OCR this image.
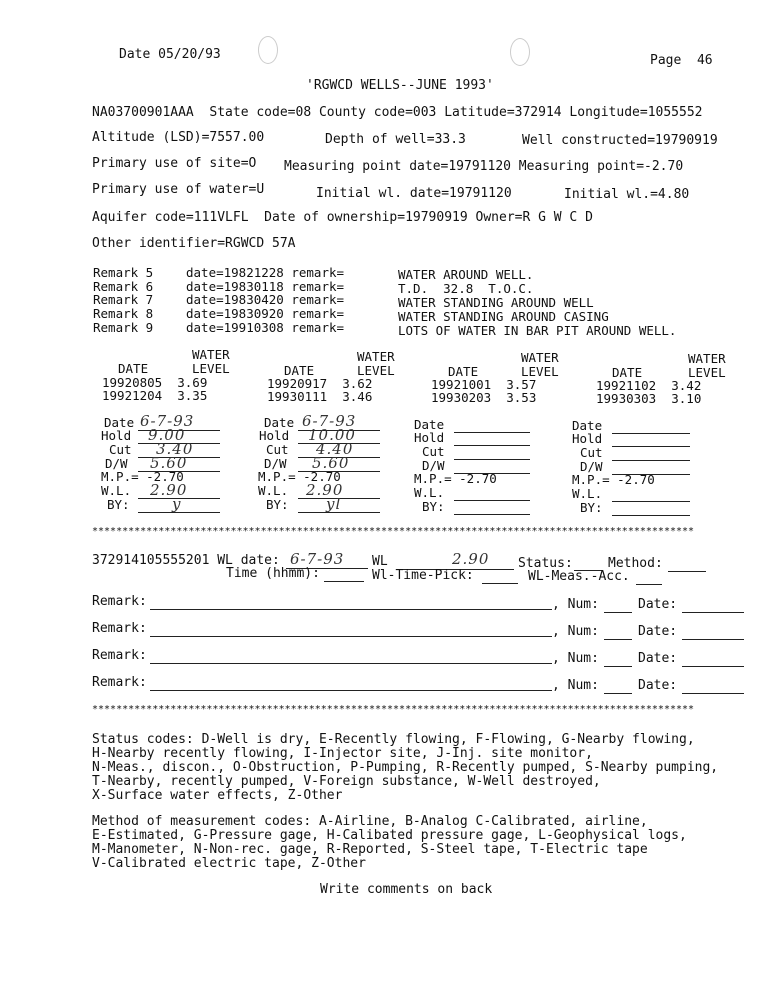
Date 05/20/93	Page  46
'RGWCD WELLS--JUNE 1993'
NA03700901AAA  State code=08 County code=003 Latitude=372914 Longitude=1055552
Altitude (LSD)=7557.00	Depth of well=33.3	Well constructed=19790919
Primary use of site=O Measuring point date=19791120 Measuring point=-2.70
Primary use of water=U	Initial wl. date=19791120	Initial wl.=4.80
Aquifer code=111VLFL  Date of ownership=19790919 Owner=R G W C D
Other identifier=RGWCD 57A
Remark 5	date=19821228 remark=	WATER AROUND WELL.
Remark 6	date=19830118 remark=	T.D.  32.8  T.O.C.
Remark 7	date=19830420 remark=	WATER STANDING AROUND WELL
Remark 8	date=19830920 remark=	WATER STANDING AROUND CASING
Remark 9	date=19910308 remark=	LOTS OF WATER IN BAR PIT AROUND WELL.
WATER
DATE	LEVEL
19920805  3.69
19921204  3.35
WATER
DATE	LEVEL
19920917  3.62
19930111  3.46
WATER
DATE	LEVEL
19921001  3.57
19930203  3.53
WATER
DATE	LEVEL
19921102  3.42
19930303  3.10
Date 6-7-93
Hold 9.00
Cut 3.40
D/W 5.60
M.P.= -2.70
W.L. 2.90
BY:	y
Date 6-7-93
Hold 10.00
Cut 4.40
D/W 5.60
M.P.= -2.70
W.L. 2.90
BY: yl
Date
Hold
Cut
D/W
M.P.= -2.70
W.L.
BY:
Date
Hold
Cut
D/W
M.P.= -2.70
W.L.
BY:
****************************************************************************************************
372914105555201 WL date: 6-7-93 WL	2.90 Status:	Method:
Time (hhmm):	Wl-Time-Pick:	WL-Meas.-Acc.
Remark:	, Num:	Date:
Remark:	, Num:	Date:
Remark:	, Num:	Date:
Remark:	, Num:	Date:
****************************************************************************************************
Status codes: D-Well is dry, E-Recently flowing, F-Flowing, G-Nearby flowing,
H-Nearby recently flowing, I-Injector site, J-Inj. site monitor,
N-Meas., discon., O-Obstruction, P-Pumping, R-Recently pumped, S-Nearby pumping,
T-Nearby, recently pumped, V-Foreign substance, W-Well destroyed,
X-Surface water effects, Z-Other
Method of measurement codes: A-Airline, B-Analog C-Calibrated, airline,
E-Estimated, G-Pressure gage, H-Calibated pressure gage, L-Geophysical logs,
M-Manometer, N-Non-rec. gage, R-Reported, S-Steel tape, T-Electric tape
V-Calibrated electric tape, Z-Other
Write comments on back
